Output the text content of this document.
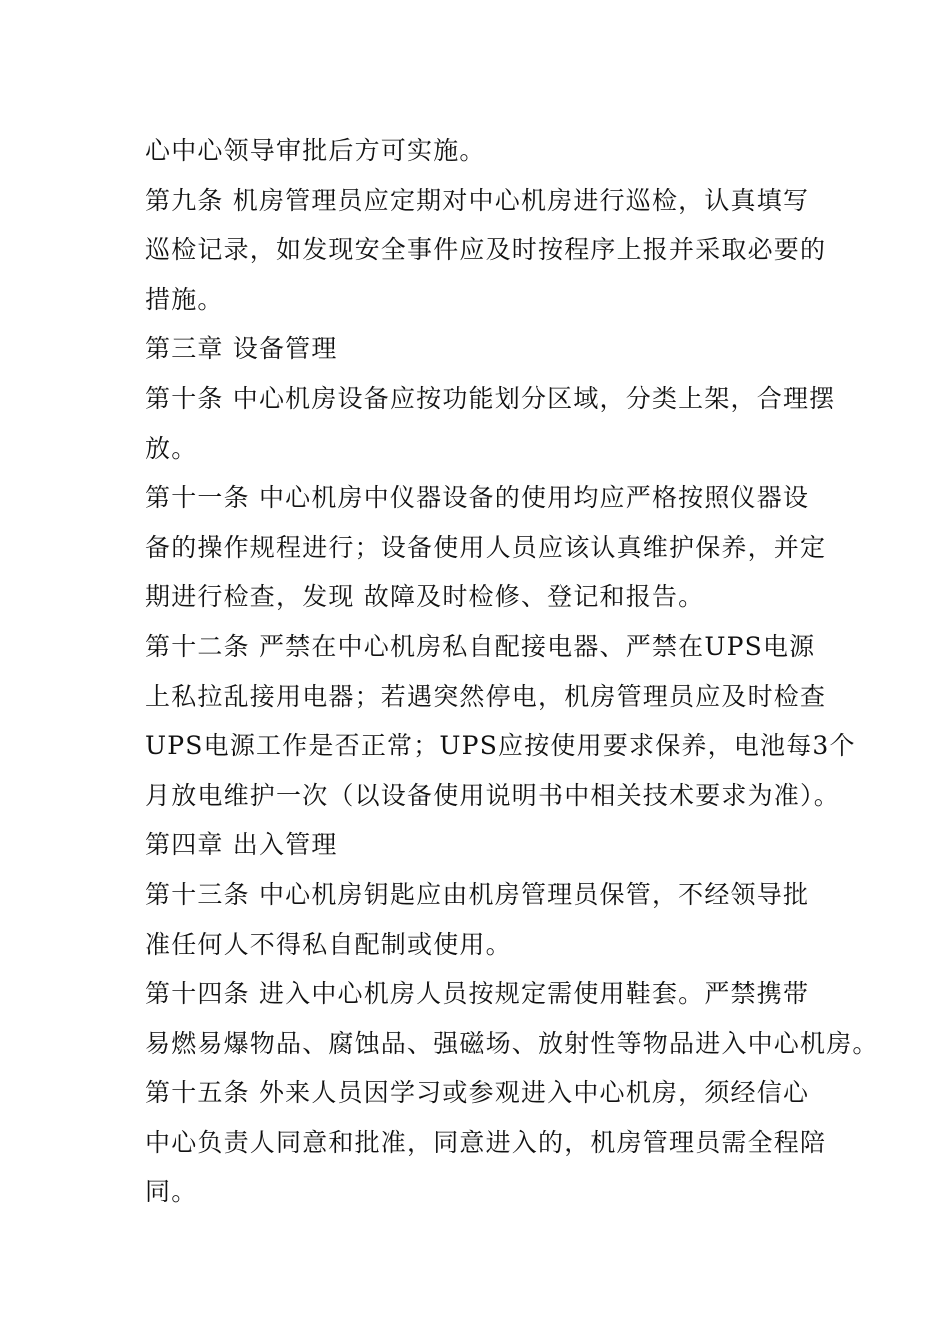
心中心领导审批后方可实施。
第九条 机房管理员应定期对中心机房进行巡检，认真填写
巡检记录，如发现安全事件应及时按程序上报并采取必要的
措施。
第三章 设备管理
第十条 中心机房设备应按功能划分区域，分类上架，合理摆
放。
第十一条 中心机房中仪器设备的使用均应严格按照仪器设
备的操作规程进行；设备使用人员应该认真维护保养，并定
期进行检查，发现 故障及时检修、登记和报告。
第十二条 严禁在中心机房私自配接电器、严禁在UPS电源
上私拉乱接用电器；若遇突然停电，机房管理员应及时检查
UPS电源工作是否正常；UPS应按使用要求保养，电池每3个
月放电维护一次（以设备使用说明书中相关技术要求为准）。
第四章 出入管理
第十三条 中心机房钥匙应由机房管理员保管，不经领导批
准任何人不得私自配制或使用。
第十四条 进入中心机房人员按规定需使用鞋套。严禁携带
易燃易爆物品、腐蚀品、强磁场、放射性等物品进入中心机房。
第十五条 外来人员因学习或参观进入中心机房，须经信心
中心负责人同意和批准，同意进入的，机房管理员需全程陪
同。
